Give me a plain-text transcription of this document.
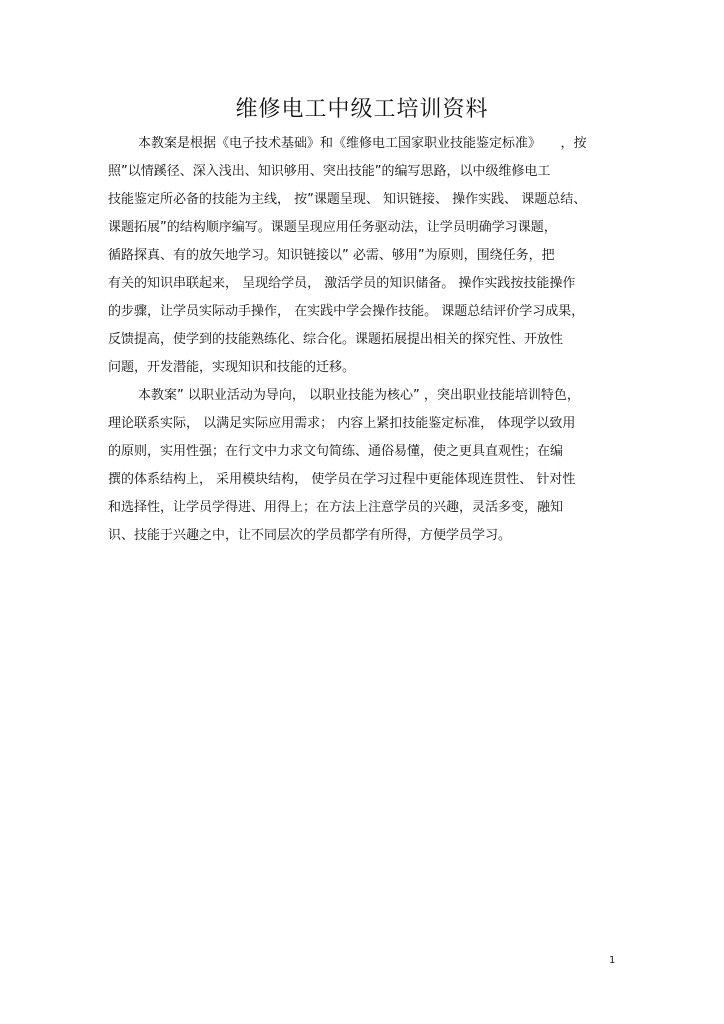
维修电工中级工培训资料
本教案是根据《电子技术基础》和《维修电工国家职业技能鉴定标准》　　，按
照”以情蹊径、深入浅出、知识够用、突出技能”的编写思路，以中级维修电工
技能鉴定所必备的技能为主线， 按”课题呈现、 知识链接、 操作实践、 课题总结、
课题拓展”的结构顺序编写。课题呈现应用任务驱动法，让学员明确学习课题，
循路探真、有的放矢地学习。知识链接以” 必需、够用”为原则，围绕任务，把
有关的知识串联起来， 呈现给学员， 激活学员的知识储备。 操作实践按技能操作
的步骤，让学员实际动手操作， 在实践中学会操作技能。 课题总结评价学习成果，
反馈提高，使学到的技能熟练化、综合化。课题拓展提出相关的探究性、开放性
问题，开发潜能，实现知识和技能的迁移。
本教案” 以职业活动为导向， 以职业技能为核心” ，突出职业技能培训特色，
理论联系实际， 以满足实际应用需求； 内容上紧扣技能鉴定标准， 体现学以致用
的原则，实用性强；在行文中力求文句简练、通俗易懂，使之更具直观性；在编
撰的体系结构上， 采用模块结构， 使学员在学习过程中更能体现连贯性、 针对性
和选择性，让学员学得进、用得上；在方法上注意学员的兴趣，灵活多变，融知
识、技能于兴趣之中，让不同层次的学员都学有所得，方便学员学习。
1
